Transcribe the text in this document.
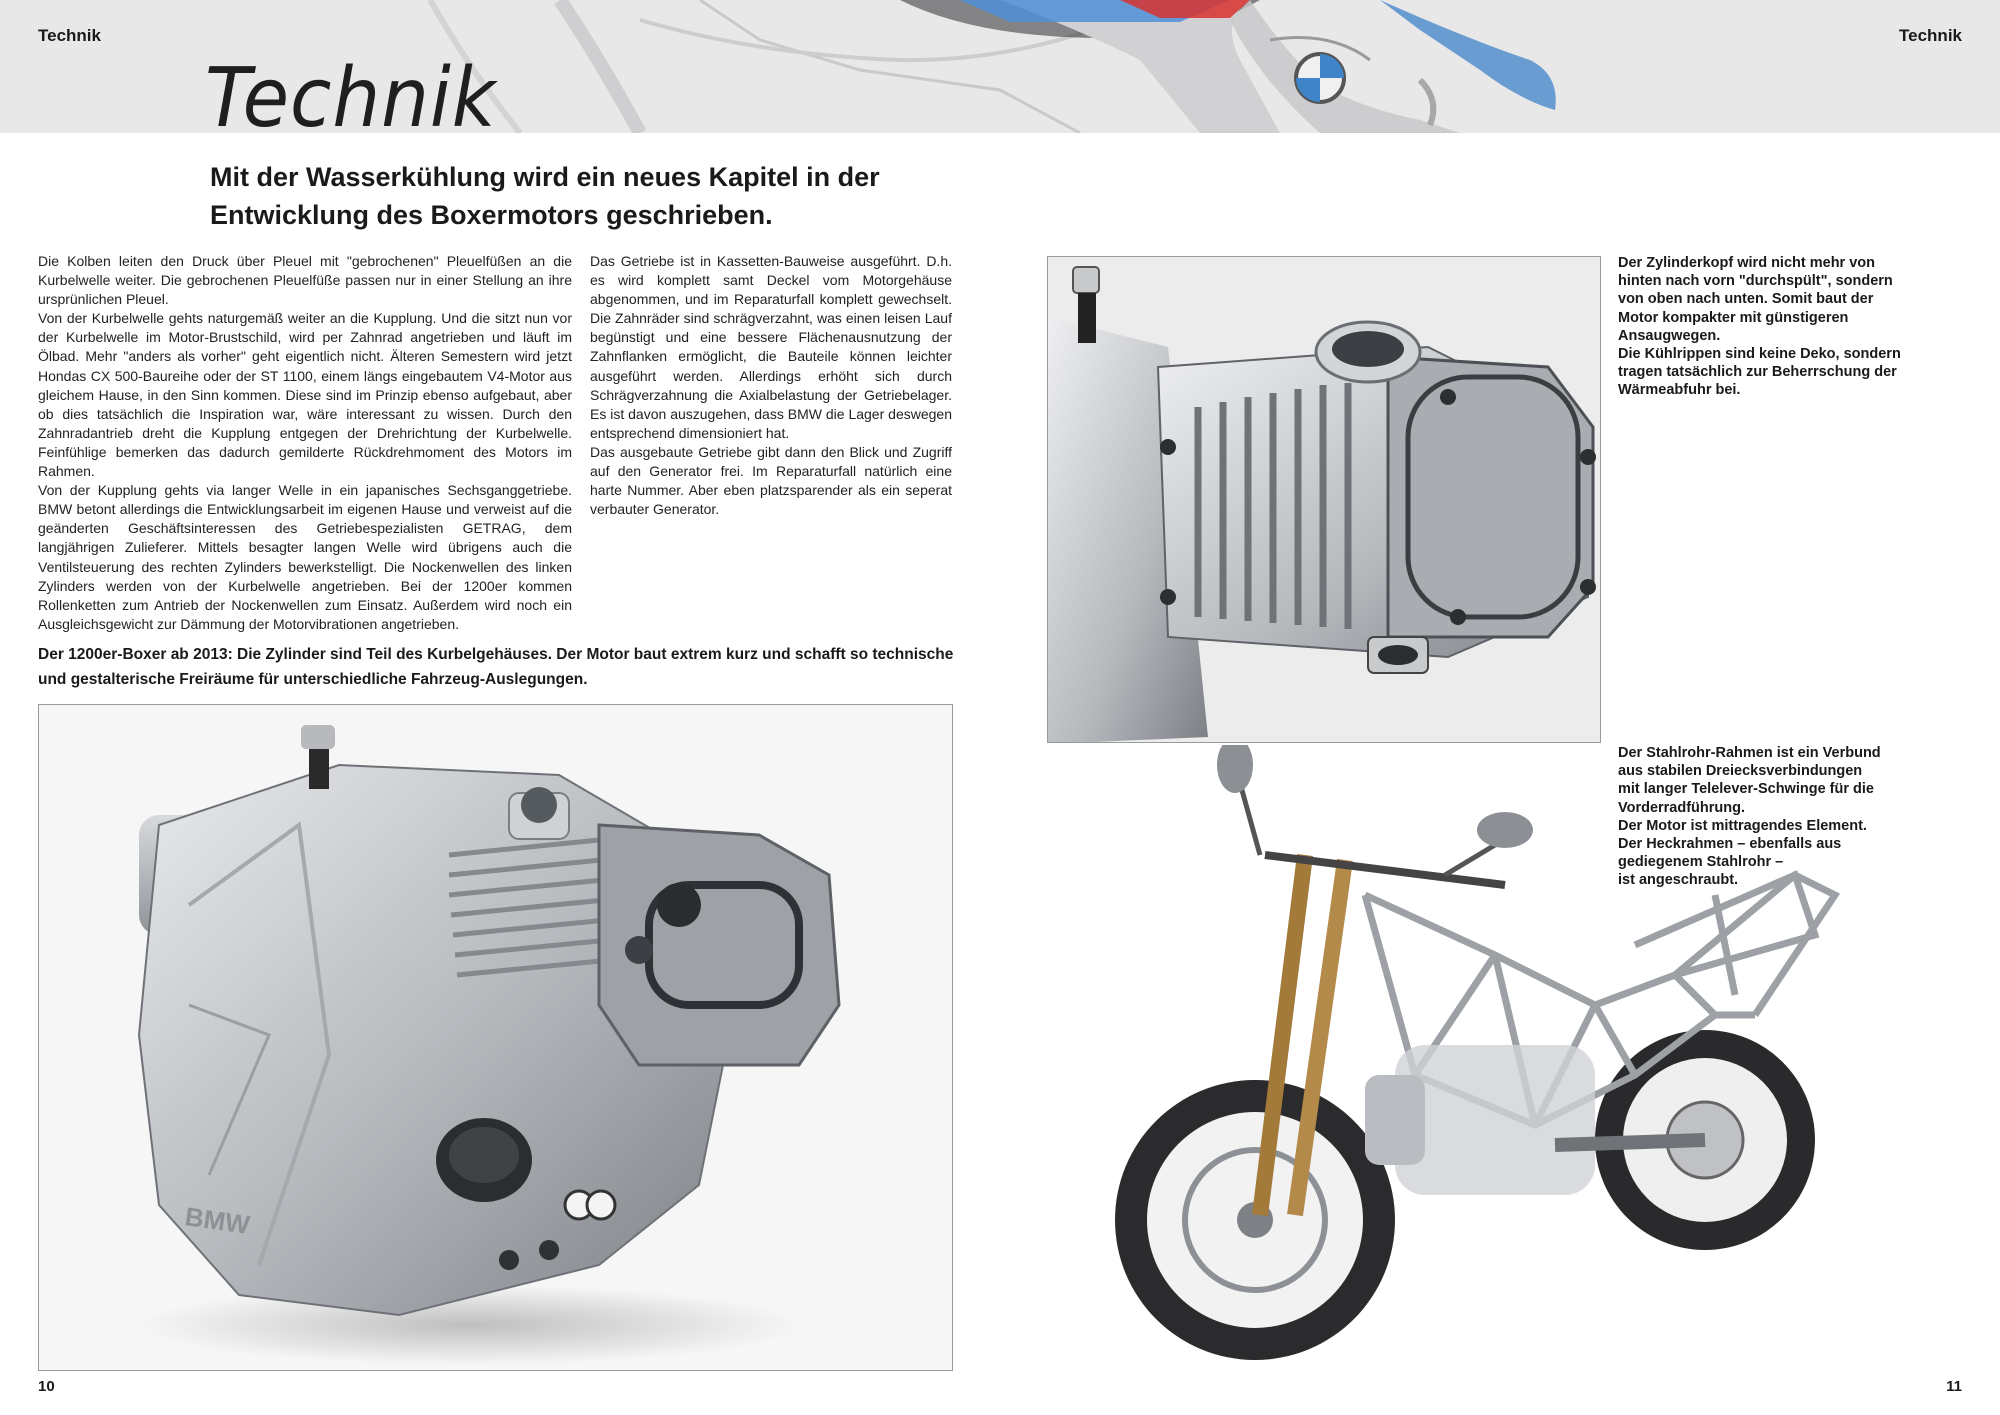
Technik	Technik
Technik
Mit der Wasserkühlung wird ein neues Kapitel in der Entwicklung des Boxermotors geschrieben.

Die Kolben leiten den Druck über Pleuel mit "gebrochenen" Pleuelfüßen an die Kurbelwelle weiter. Die gebrochenen Pleuelfüße passen nur in einer Stellung an ihre ursprünlichen Pleuel.
Von der Kurbelwelle gehts naturgemäß weiter an die Kupplung. Und die sitzt nun vor der Kurbelwelle im Motor-Brustschild, wird per Zahnrad angetrieben und läuft im Ölbad. Mehr "anders als vorher" geht eigentlich nicht. Älteren Semestern wird jetzt Hondas CX 500-Baureihe oder der ST 1100, einem längs eingebautem V4-Motor aus gleichem Hause, in den Sinn kommen. Diese sind im Prinzip ebenso aufgebaut, aber ob dies tatsächlich die Inspiration war, wäre interessant zu wissen. Durch den Zahnradantrieb dreht die Kupplung entgegen der Drehrichtung der Kurbelwelle. Feinfühlige bemerken das dadurch gemilderte Rückdrehmoment des Motors im Rahmen.
Von der Kupplung gehts via langer Welle in ein japanisches Sechsganggetriebe. BMW betont allerdings die Entwicklungsarbeit im eigenen Hause und verweist auf die geänderten Geschäftsinteressen des Getriebespezialisten GETRAG, dem langjährigen Zulieferer. Mittels besagter langen Welle wird übrigens auch die Ventilsteuerung des rechten Zylinders bewerkstelligt. Die Nockenwellen des linken Zylinders werden von der Kurbelwelle angetrieben. Bei der 1200er kommen Rollenketten zum Antrieb der Nockenwellen zum Einsatz. Außerdem wird noch ein Ausgleichsgewicht zur Dämmung der Motorvibrationen angetrieben.

Das Getriebe ist in Kassetten-Bauweise ausgeführt. D.h. es wird komplett samt Deckel vom Motorgehäuse abgenommen, und im Reparaturfall komplett gewechselt. Die Zahnräder sind schrägverzahnt, was einen leisen Lauf begünstigt und eine bessere Flächenausnutzung der Zahnflanken ermöglicht, die Bauteile können leichter ausgeführt werden. Allerdings erhöht sich durch Schrägverzahnung die Axialbelastung der Getriebelager. Es ist davon auszugehen, dass BMW die Lager deswegen entsprechend dimensioniert hat.
Das ausgebaute Getriebe gibt dann den Blick und Zugriff auf den Generator frei. Im Reparaturfall natürlich eine harte Nummer. Aber eben platzsparender als ein seperat verbauter Generator.

Der 1200er-Boxer ab 2013: Die Zylinder sind Teil des Kurbelgehäuses. Der Motor baut extrem kurz und schafft so technische und gestalterische Freiräume für unterschiedliche Fahrzeug-Auslegungen.
BMW
Der Zylinderkopf wird nicht mehr von
hinten nach vorn "durchspült", sondern
von oben nach unten. Somit baut der
Motor kompakter mit günstigeren
Ansaugwegen.
Die Kühlrippen sind keine Deko, sondern
tragen tatsächlich zur Beherrschung der
Wärmeabfuhr bei.
Der Stahlrohr-Rahmen ist ein Verbund
aus stabilen Dreiecksverbindungen
mit langer Telelever-Schwinge für die
Vorderradführung.
Der Motor ist mittragendes Element.
Der Heckrahmen – ebenfalls aus
gediegenem Stahlrohr –
ist angeschraubt.
10	11
